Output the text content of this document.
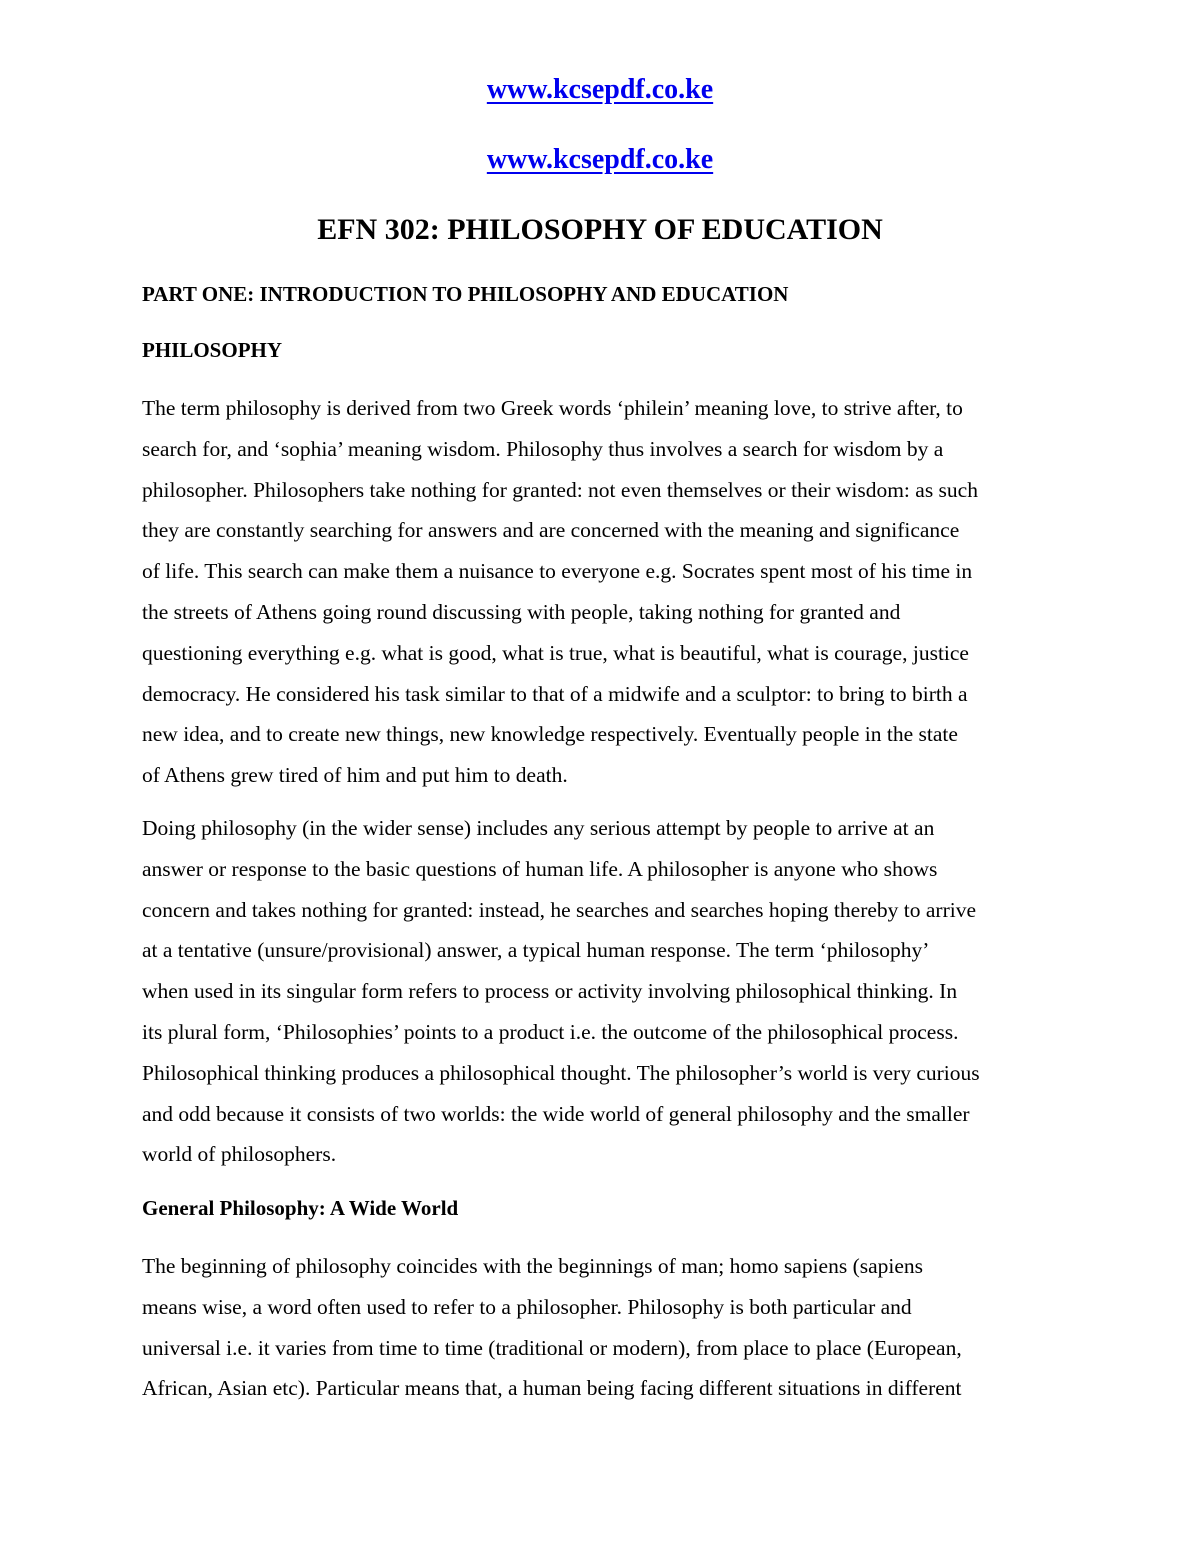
www.kcsepdf.co.ke
www.kcsepdf.co.ke
EFN 302: PHILOSOPHY OF EDUCATION
PART ONE: INTRODUCTION TO PHILOSOPHY AND EDUCATION
PHILOSOPHY

The term philosophy is derived from two Greek words ‘philein’ meaning love, to strive after, to
search for, and ‘sophia’ meaning wisdom. Philosophy thus involves a search for wisdom by a
philosopher. Philosophers take nothing for granted: not even themselves or their wisdom: as such
they are constantly searching for answers and are concerned with the meaning and significance
of life. This search can make them a nuisance to everyone e.g. Socrates spent most of his time in
the streets of Athens going round discussing with people, taking nothing for granted and
questioning everything e.g. what is good, what is true, what is beautiful, what is courage, justice
democracy. He considered his task similar to that of a midwife and a sculptor: to bring to birth a
new idea, and to create new things, new knowledge respectively. Eventually people in the state
of Athens grew tired of him and put him to death.

Doing philosophy (in the wider sense) includes any serious attempt by people to arrive at an
answer or response to the basic questions of human life. A philosopher is anyone who shows
concern and takes nothing for granted: instead, he searches and searches hoping thereby to arrive
at a tentative (unsure/provisional) answer, a typical human response. The term ‘philosophy’
when used in its singular form refers to process or activity involving philosophical thinking. In
its plural form, ‘Philosophies’ points to a product i.e. the outcome of the philosophical process.
Philosophical thinking produces a philosophical thought. The philosopher’s world is very curious
and odd because it consists of two worlds: the wide world of general philosophy and the smaller
world of philosophers.

General Philosophy: A Wide World

The beginning of philosophy coincides with the beginnings of man; homo sapiens (sapiens
means wise, a word often used to refer to a philosopher. Philosophy is both particular and
universal i.e. it varies from time to time (traditional or modern), from place to place (European,
African, Asian etc). Particular means that, a human being facing different situations in different
